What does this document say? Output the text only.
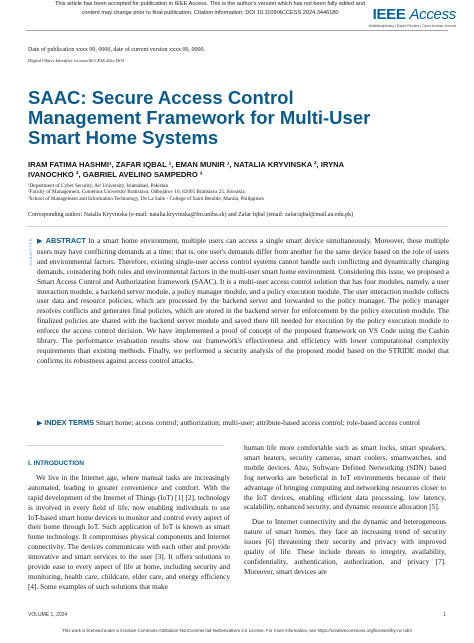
This article has been accepted for publication in IEEE Access. This is the author's version which has not been fully edited and
content may change prior to final publication. Citation information: DOI 10.1109/ACCESS.2024.3446180	IEEE Access
Multidisciplinary | Rapid Review | Open Access Journal
Date of publication xxxx 00, 0000, date of current version xxxx 00, 0000.
Digital Object Identifier xx.xxxx/ACCESS.20xx.DOI
SAAC: Secure Access Control
Management Framework for Multi-User
Smart Home Systems
IRAM FATIMA HASHMI¹, ZAFAR IQBAL ¹, EMAN MUNIR ¹, NATALIA KRYVINSKA ², IRYNA
IVANOCHKO ², GABRIEL AVELINO SAMPEDRO ³
¹Department of Cyber Security, Air University, Islamabad, Pakistan
²Faculty of Management, Comenius University Bratislava, Odbojárov 10, 82005 Bratislava 25, Slovakia
³School of Management and Information Technology, De La Salle - College of Saint Benilde, Manila, Philippines
Corresponding author: Natalia Kryvinska (e-mail: natalia.kryvinska@fm.uniba.sk) and Zafar Iqbal (email: zafar.iqbal@mail.au.edu.pk)
SUBMITTED ▶ ABSTRACT In a smart home environment, multiple users can access a single smart device simultaneously. Moreover, these multiple users may have conflicting demands at a time; that is, one user's demands differ from another for the same device based on the role of users and environmental factors. Therefore, existing single-user access control systems cannot handle such conflicting and dynamically changing demands, considering both roles and environmental factors in the multi-user smart home environment. Considering this issue, we proposed a Smart Access Control and Authorization framework (SAAC). It is a multi-user access control solution that has four modules, namely, a user interaction module, a backend server module, a policy manager module, and a policy execution module. The user interaction module collects user data and resource policies, which are processed by the backend server and forwarded to the policy manager. The policy manager resolves conflicts and generates final policies, which are stored in the backend server for enforcement by the policy execution module. The finalized policies are shared with the backend server module and saved there till needed for execution by the policy execution module to enforce the access control decision. We have implemented a proof of concept of the proposed framework on VS Code using the Casbin library. The performance evaluation results show our framework's effectiveness and efficiency with lower computational complexity requirements than existing methods. Finally, we performed a security analysis of the proposed model based on the STRIDE model that confirms its robustness against access control attacks.
▶ INDEX TERMS Smart home; access control; authorization; multi-user; attribute-based access control; role-based access control
I. INTRODUCTION

We live in the Internet age, where manual tasks are increasingly automated, leading to greater convenience and comfort. With the rapid development of the Internet of Things (IoT) [1] [2], technology is involved in every field of life, now enabling individuals to use IoT-based smart home devices to monitor and control every aspect of their home through IoT. Such application of IoT is known as smart home technology. It compromises physical components and Internet connectivity. The devices communicate with each other and provide innovative and smart services to the user [3]. It offers solutions to provide ease to every aspect of life at home, including security and monitoring, health care, childcare, elder care, and energy efficiency [4]. Some examples of such solutions that make

human life more comfortable such as smart locks, smart speakers, smart heaters, security cameras, smart coolers, smartwatches, and mobile devices. Also, Software Defined Networking (SDN) based fog networks are beneficial in IoT environments because of their advantage of bringing computing and networking resources closer to the IoT devices, enabling efficient data processing, low latency, scalability, enhanced security, and dynamic resource allocation [5].

Due to Internet connectivity and the dynamic and heterogeneous nature of smart homes, they face an increasing trend of security issues [6] threatening their security and privacy with improved quality of life. These include threats to integrity, availability, confidentiality, authentication, authorization, and privacy [7]. Moreover, smart devices are

VOLUME 1, 2024	1
This work is licensed under a Creative Commons Attribution-NonCommercial-NoDerivatives 4.0 License. For more information, see https://creativecommons.org/licenses/by-nc-nd/4
